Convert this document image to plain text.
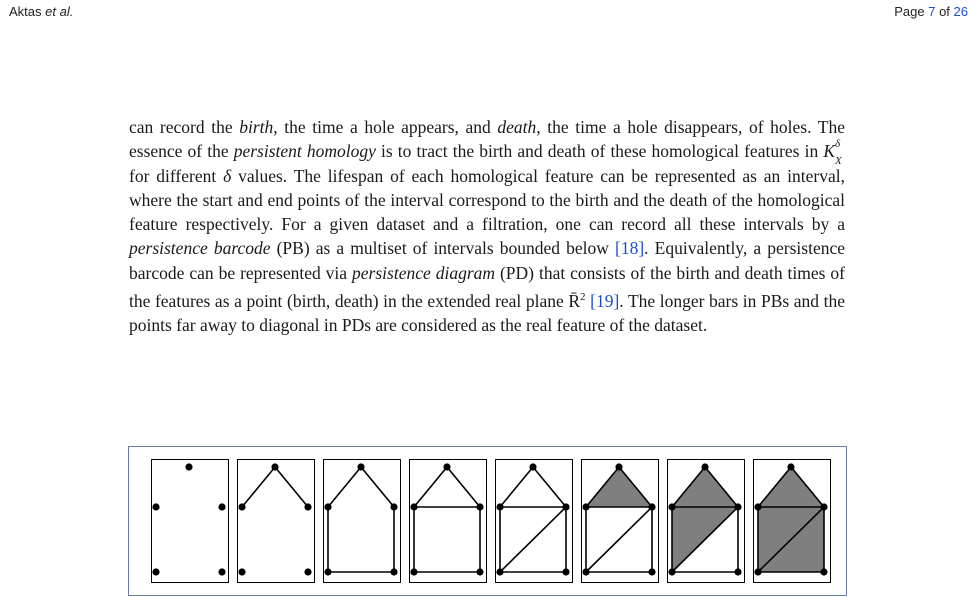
Aktas et al.	Page 7 of 26

can record the birth, the time a hole appears, and death, the time a hole disappears, of holes. The essence of the persistent homology is to tract the birth and death of these homological features in K δ
X
for different δ values. The lifespan of each homological feature can be represented as an interval, where the start and end points of the interval correspond to the birth and the death of the homological feature respectively. For a given dataset and a filtration, one can record all these intervals by a persistence barcode (PB) as a multiset of intervals bounded below [18]. Equivalently, a persistence barcode can be represented via persistence diagram (PD) that consists of the birth and death times of the features as a point (birth, death) in the extended real plane R̄$^2$ [19]. The longer bars in PBs and the points far away to diagonal in PDs are considered as the real feature of the dataset.
